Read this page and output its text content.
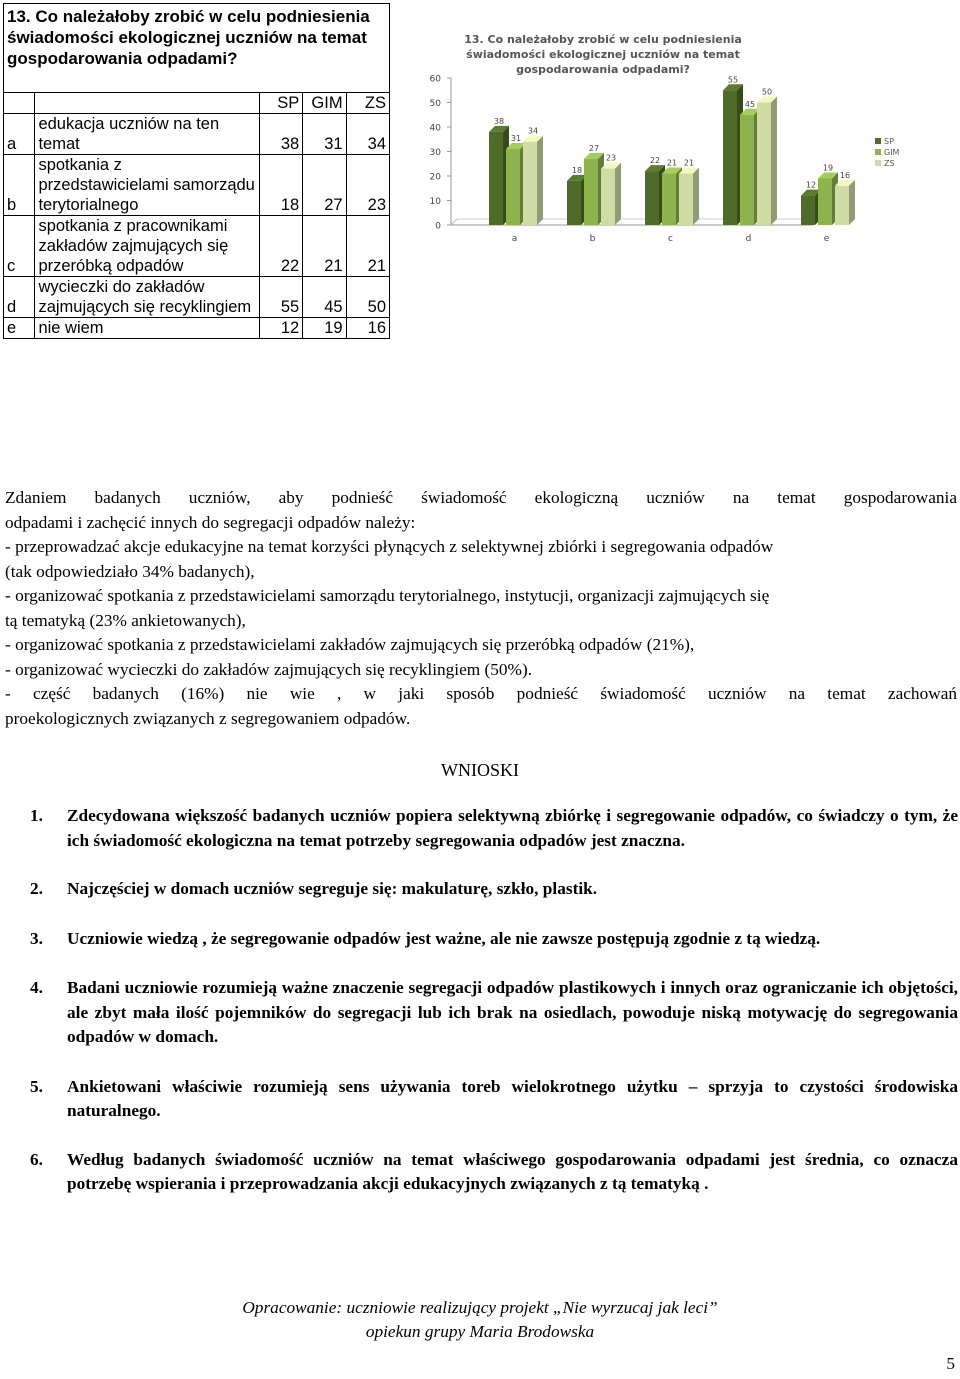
13. Co należałoby zrobić w celu podniesienia świadomości ekologicznej uczniów na temat gospodarowania odpadami?				
		SP	GIM	ZS
a	edukacja uczniów na ten temat	38	31	34
b	spotkania z przedstawicielami samorządu terytorialnego	18	27	23
c	spotkania z pracownikami zakładów zajmujących się przeróbką odpadów	22	21	21
d	wycieczki do zakładów zajmujących się recyklingiem	55	45	50
e	nie wiem	12	19	16
13. Co należałoby zrobić w celu podniesienia
świadomości ekologicznej uczniów na temat
gospodarowania odpadami?
0
10
20
30
40
50
60
38
31
34
a
18
27
23
b
22 21 21
c
55
45
50
d
12
19
16
e
SP
GIM
ZS

Zdaniem badanych uczniów, aby podnieść świadomość ekologiczną uczniów na temat gospodarowania
odpadami i zachęcić innych do segregacji odpadów należy:
- przeprowadzać akcje edukacyjne na temat korzyści płynących z selektywnej zbiórki i segregowania odpadów
(tak odpowiedziało 34% badanych),
- organizować spotkania z przedstawicielami samorządu terytorialnego, instytucji, organizacji zajmujących się
tą tematyką (23% ankietowanych),
- organizować spotkania z przedstawicielami zakładów zajmujących się przeróbką odpadów (21%),
- organizować wycieczki do zakładów zajmujących się recyklingiem (50%).
- część badanych (16%) nie wie , w jaki sposób podnieść świadomość uczniów na temat zachowań
proekologicznych związanych z segregowaniem odpadów.

WNIOSKI
1. Zdecydowana większość badanych uczniów popiera selektywną zbiórkę i segregowanie odpadów, co świadczy o tym, że ich świadomość ekologiczna na temat potrzeby segregowania odpadów jest znaczna.
2. Najczęściej w domach uczniów segreguje się: makulaturę, szkło, plastik.
3. Uczniowie wiedzą , że segregowanie odpadów jest ważne, ale nie zawsze postępują zgodnie z tą wiedzą.
4. Badani uczniowie rozumieją ważne znaczenie segregacji odpadów plastikowych i innych oraz ograniczanie ich objętości, ale zbyt mała ilość pojemników do segregacji lub ich brak na osiedlach, powoduje niską motywację do segregowania odpadów w domach.
5. Ankietowani właściwie rozumieją sens używania toreb wielokrotnego użytku – sprzyja to czystości środowiska naturalnego.
6. Według badanych świadomość uczniów na temat właściwego gospodarowania odpadami jest średnia, co oznacza potrzebę wspierania i przeprowadzania akcji edukacyjnych związanych z tą tematyką .
Opracowanie: uczniowie realizujący projekt „Nie wyrzucaj jak leci”
opiekun grupy Maria Brodowska
5
